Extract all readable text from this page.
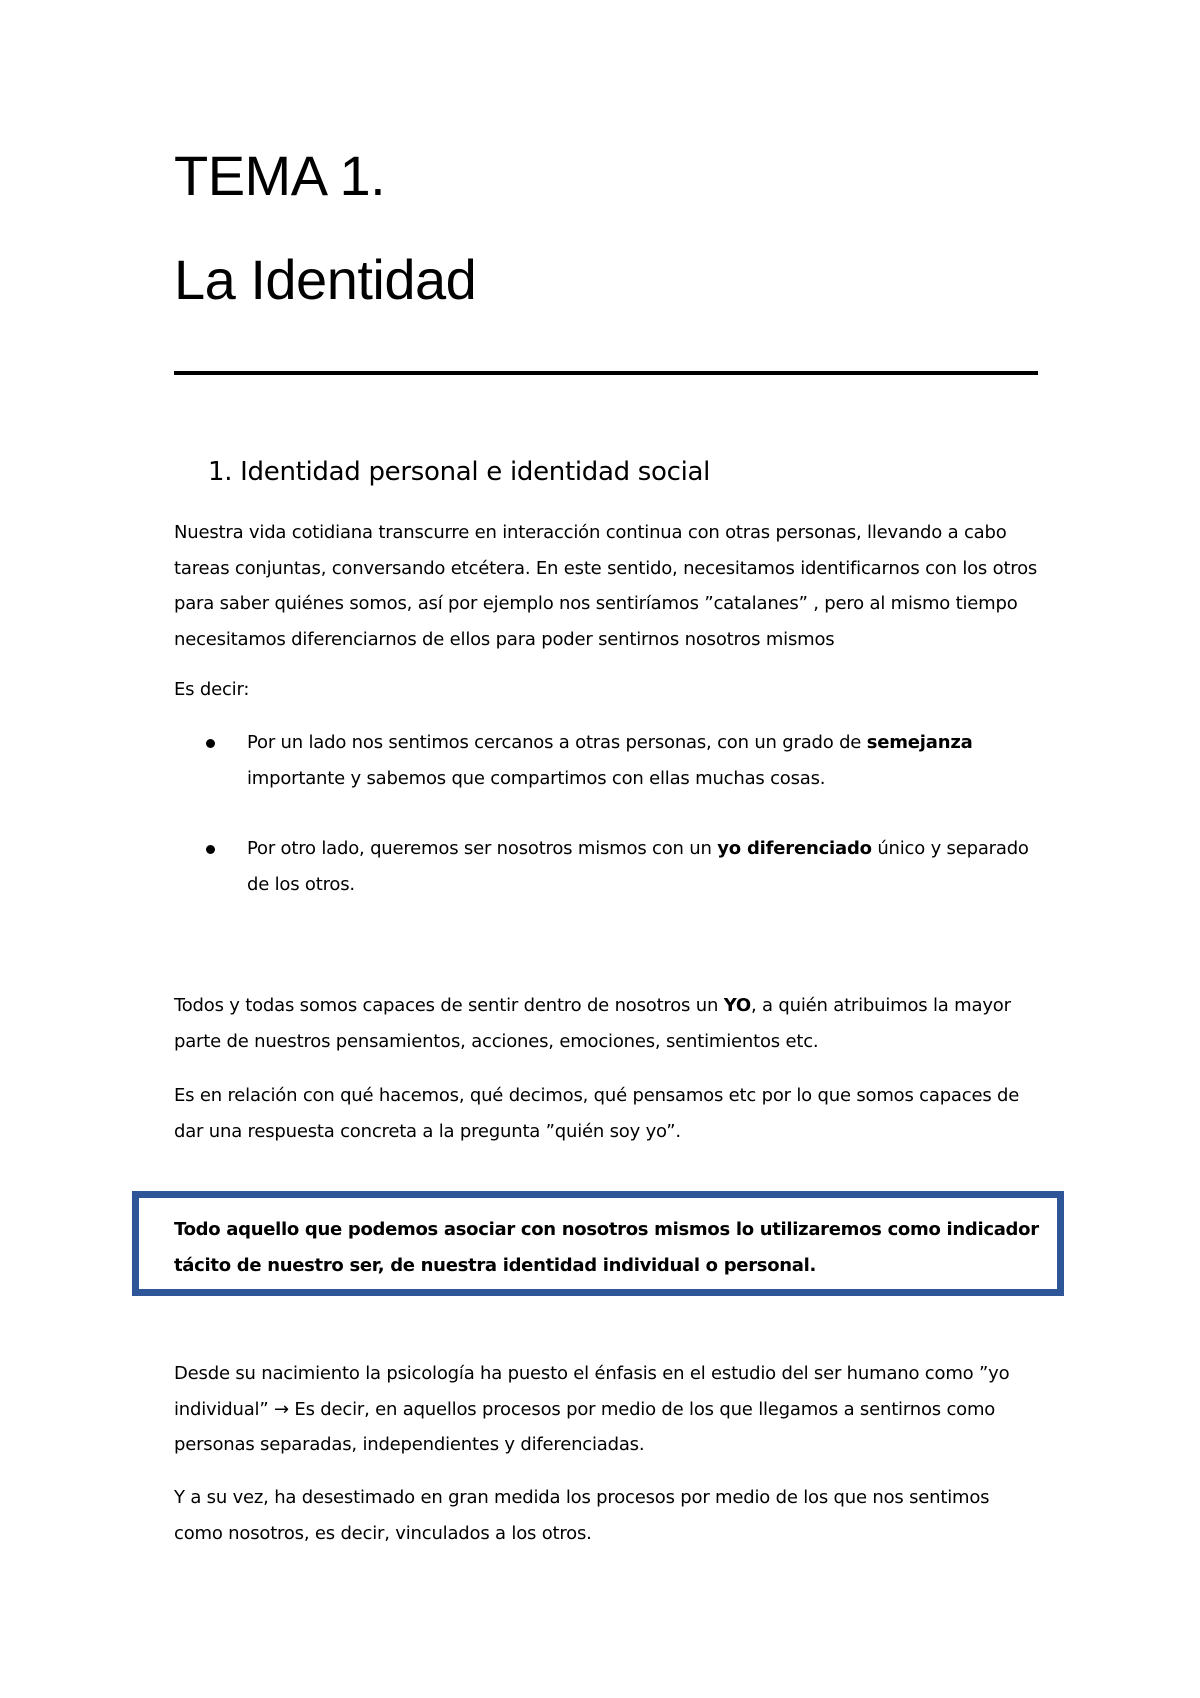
TEMA 1.
La Identidad
1. Identidad personal e identidad social

Nuestra vida cotidiana transcurre en interacción continua con otras personas, llevando a cabo tareas conjuntas, conversando etcétera. En este sentido, necesitamos identificarnos con los otros para saber quiénes somos, así por ejemplo nos sentiríamos ”catalanes” , pero al mismo tiempo necesitamos diferenciarnos de ellos para poder sentirnos nosotros mismos

Es decir:

Por un lado nos sentimos cercanos a otras personas, con un grado de semejanza importante y sabemos que compartimos con ellas muchas cosas.
Por otro lado, queremos ser nosotros mismos con un yo diferenciado único y separado de los otros.

Todos y todas somos capaces de sentir dentro de nosotros un YO, a quién atribuimos la mayor parte de nuestros pensamientos, acciones, emociones, sentimientos etc.

Es en relación con qué hacemos, qué decimos, qué pensamos etc por lo que somos capaces de dar una respuesta concreta a la pregunta ”quién soy yo”.

Todo aquello que podemos asociar con nosotros mismos lo utilizaremos como indicador tácito de nuestro ser, de nuestra identidad individual o personal.

Desde su nacimiento la psicología ha puesto el énfasis en el estudio del ser humano como ”yo individual” → Es decir, en aquellos procesos por medio de los que llegamos a sentirnos como personas separadas, independientes y diferenciadas.

Y a su vez, ha desestimado en gran medida los procesos por medio de los que nos sentimos como nosotros, es decir, vinculados a los otros.
